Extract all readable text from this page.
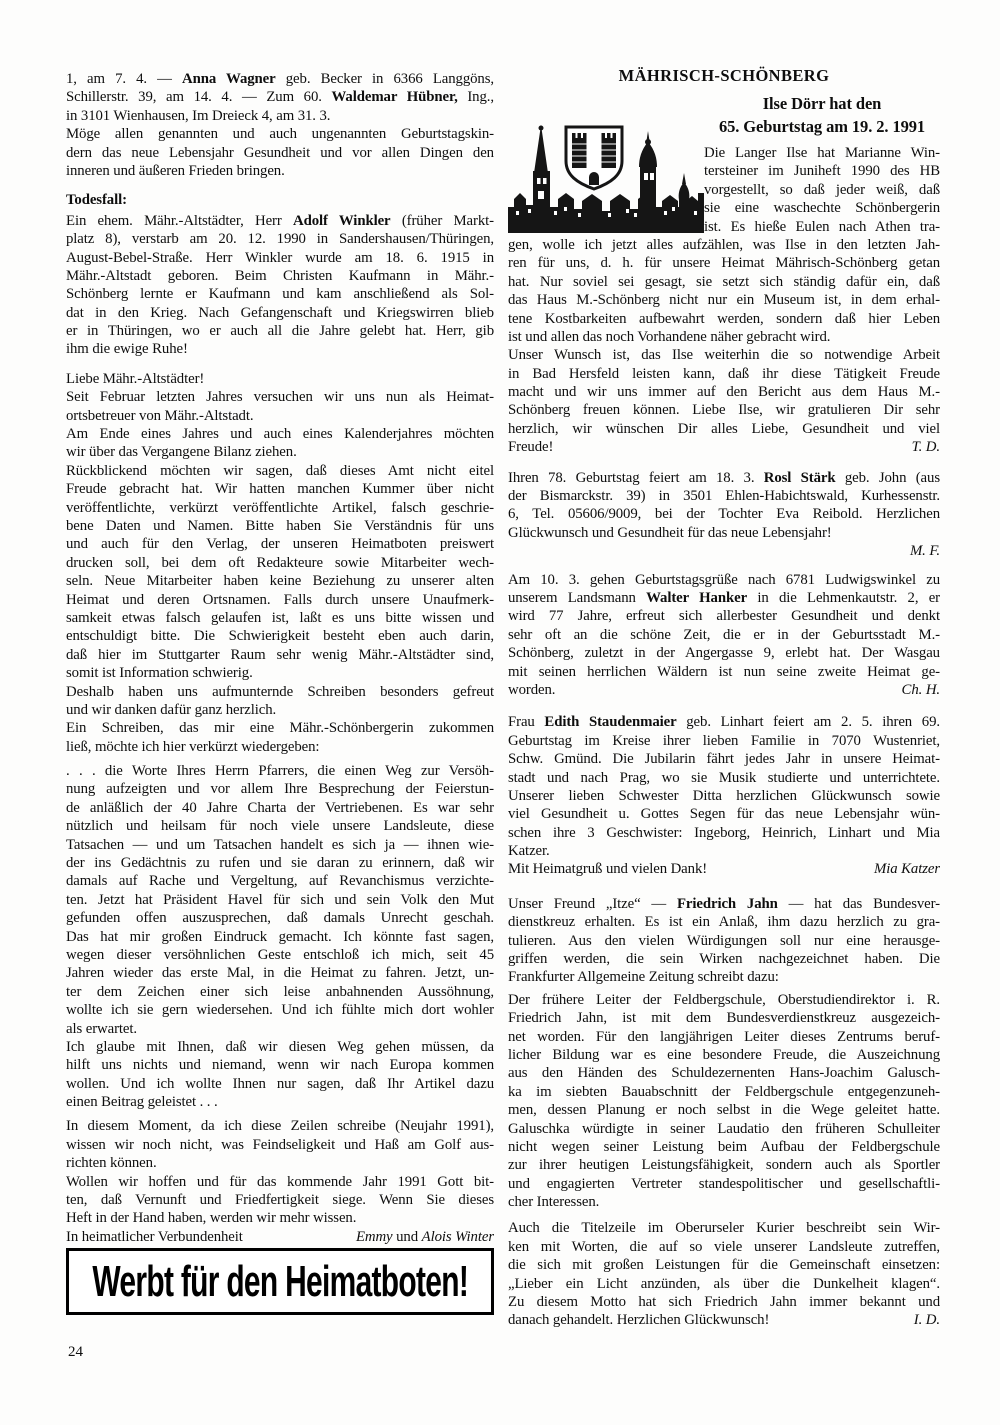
1, am 7. 4. — Anna Wagner geb. Becker in 6366 Langgöns,
Schillerstr. 39, am 14. 4. — Zum 60. Waldemar Hübner, Ing.,
in 3101 Wienhausen, Im Dreieck 4, am 31. 3.
Möge allen genannten und auch ungenannten Geburtstagskin-
dern das neue Lebensjahr Gesundheit und vor allen Dingen den
inneren und äußeren Frieden bringen.
Todesfall:
Ein ehem. Mähr.-Altstädter, Herr Adolf Winkler (früher Markt-
platz 8), verstarb am 20. 12. 1990 in Sandershausen/Thüringen,
August-Bebel-Straße. Herr Winkler wurde am 18. 6. 1915 in
Mähr.-Altstadt geboren. Beim Christen Kaufmann in Mähr.-
Schönberg lernte er Kaufmann und kam anschließend als Sol-
dat in den Krieg. Nach Gefangenschaft und Kriegswirren blieb
er in Thüringen, wo er auch all die Jahre gelebt hat. Herr, gib
ihm die ewige Ruhe!
Liebe Mähr.-Altstädter!
Seit Februar letzten Jahres versuchen wir uns nun als Heimat-
ortsbetreuer von Mähr.-Altstadt.
Am Ende eines Jahres und auch eines Kalenderjahres möchten
wir über das Vergangene Bilanz ziehen.
Rückblickend möchten wir sagen, daß dieses Amt nicht eitel
Freude gebracht hat. Wir hatten manchen Kummer über nicht
veröffentlichte, verkürzt veröffentlichte Artikel, falsch geschrie-
bene Daten und Namen. Bitte haben Sie Verständnis für uns
und auch für den Verlag, der unseren Heimatboten preiswert
drucken soll, bei dem oft Redakteure sowie Mitarbeiter wech-
seln. Neue Mitarbeiter haben keine Beziehung zu unserer alten
Heimat und deren Ortsnamen. Falls durch unsere Unaufmerk-
samkeit etwas falsch gelaufen ist, laßt es uns bitte wissen und
entschuldigt bitte. Die Schwierigkeit besteht eben auch darin,
daß hier im Stuttgarter Raum sehr wenig Mähr.-Altstädter sind,
somit ist Information schwierig.
Deshalb haben uns aufmunternde Schreiben besonders gefreut
und wir danken dafür ganz herzlich.
Ein Schreiben, das mir eine Mähr.-Schönbergerin zukommen
ließ, möchte ich hier verkürzt wiedergeben:
. . . die Worte Ihres Herrn Pfarrers, die einen Weg zur Versöh-
nung aufzeigten und vor allem Ihre Besprechung der Feierstun-
de anläßlich der 40 Jahre Charta der Vertriebenen. Es war sehr
nützlich und heilsam für noch viele unsere Landsleute, diese
Tatsachen — und um Tatsachen handelt es sich ja — ihnen wie-
der ins Gedächtnis zu rufen und sie daran zu erinnern, daß wir
damals auf Rache und Vergeltung, auf Revanchismus verzichte-
ten. Jetzt hat Präsident Havel für sich und sein Volk den Mut
gefunden offen auszusprechen, daß damals Unrecht geschah.
Das hat mir großen Eindruck gemacht. Ich könnte fast sagen,
wegen dieser versöhnlichen Geste entschloß ich mich, seit 45
Jahren wieder das erste Mal, in die Heimat zu fahren. Jetzt, un-
ter dem Zeichen einer sich leise anbahnenden Aussöhnung,
wollte ich sie gern wiedersehen. Und ich fühlte mich dort wohler
als erwartet.
Ich glaube mit Ihnen, daß wir diesen Weg gehen müssen, da
hilft uns nichts und niemand, wenn wir nach Europa kommen
wollen. Und ich wollte Ihnen nur sagen, daß Ihr Artikel dazu
einen Beitrag geleistet . . .
In diesem Moment, da ich diese Zeilen schreibe (Neujahr 1991),
wissen wir noch nicht, was Feindseligkeit und Haß am Golf aus-
richten können.
Wollen wir hoffen und für das kommende Jahr 1991 Gott bit-
ten, daß Vernunft und Friedfertigkeit siege. Wenn Sie dieses
Heft in der Hand haben, werden wir mehr wissen.
In heimatlicher Verbundenheit	Emmy und Alois Winter
MÄHRISCH-SCHÖNBERG
Ilse Dörr hat den
65. Geburtstag am 19. 2. 1991
Die Langer Ilse hat Marianne Win-
tersteiner im Juniheft 1990 des HB
vorgestellt, so daß jeder weiß, daß
sie eine waschechte Schönbergerin
ist. Es hieße Eulen nach Athen tra-
gen, wolle ich jetzt alles aufzählen, was Ilse in den letzten Jah-
ren für uns, d. h. für unsere Heimat Mährisch-Schönberg getan
hat. Nur soviel sei gesagt, sie setzt sich ständig dafür ein, daß
das Haus M.-Schönberg nicht nur ein Museum ist, in dem erhal-
tene Kostbarkeiten aufbewahrt werden, sondern daß hier Leben
ist und allen das noch Vorhandene näher gebracht wird.
Unser Wunsch ist, das Ilse weiterhin die so notwendige Arbeit
in Bad Hersfeld leisten kann, daß ihr diese Tätigkeit Freude
macht und wir uns immer auf den Bericht aus dem Haus M.-
Schönberg freuen können. Liebe Ilse, wir gratulieren Dir sehr
herzlich, wir wünschen Dir alles Liebe, Gesundheit und viel
Freude!	T. D.
Ihren 78. Geburtstag feiert am 18. 3. Rosl Stärk geb. John (aus
der Bismarckstr. 39) in 3501 Ehlen-Habichtswald, Kurhessenstr.
6, Tel. 05606/9009, bei der Tochter Eva Reibold. Herzlichen
Glückwunsch und Gesundheit für das neue Lebensjahr!
M. F.
Am 10. 3. gehen Geburtstagsgrüße nach 6781 Ludwigswinkel zu
unserem Landsmann Walter Hanker in die Lehmenkautstr. 2, er
wird 77 Jahre, erfreut sich allerbester Gesundheit und denkt
sehr oft an die schöne Zeit, die er in der Geburtsstadt M.-
Schönberg, zuletzt in der Angergasse 9, erlebt hat. Der Wasgau
mit seinen herrlichen Wäldern ist nun seine zweite Heimat ge-
worden.	Ch. H.
Frau Edith Staudenmaier geb. Linhart feiert am 2. 5. ihren 69.
Geburtstag im Kreise ihrer lieben Familie in 7070 Wustenriet,
Schw. Gmünd. Die Jubilarin fährt jedes Jahr in unsere Heimat-
stadt und nach Prag, wo sie Musik studierte und unterrichtete.
Unserer lieben Schwester Ditta herzlichen Glückwunsch sowie
viel Gesundheit u. Gottes Segen für das neue Lebensjahr wün-
schen ihre 3 Geschwister: Ingeborg, Heinrich, Linhart und Mia
Katzer.
Mit Heimatgruß und vielen Dank!	Mia Katzer
Unser Freund „Itze“ — Friedrich Jahn — hat das Bundesver-
dienstkreuz erhalten. Es ist ein Anlaß, ihm dazu herzlich zu gra-
tulieren. Aus den vielen Würdigungen soll nur eine herausge-
griffen werden, die sein Wirken nachgezeichnet haben. Die
Frankfurter Allgemeine Zeitung schreibt dazu:
Der frühere Leiter der Feldbergschule, Oberstudiendirektor i. R.
Friedrich Jahn, ist mit dem Bundesverdienstkreuz ausgezeich-
net worden. Für den langjährigen Leiter dieses Zentrums beruf-
licher Bildung war es eine besondere Freude, die Auszeichnung
aus den Händen des Schuldezernenten Hans-Joachim Galusch-
ka im siebten Bauabschnitt der Feldbergschule entgegenzuneh-
men, dessen Planung er noch selbst in die Wege geleitet hatte.
Galuschka würdigte in seiner Laudatio den früheren Schulleiter
nicht wegen seiner Leistung beim Aufbau der Feldbergschule
zur ihrer heutigen Leistungsfähigkeit, sondern auch als Sportler
und engagierten Vertreter standespolitischer und gesellschaftli-
cher Interessen.
Auch die Titelzeile im Oberurseler Kurier beschreibt sein Wir-
ken mit Worten, die auf so viele unserer Landsleute zutreffen,
die sich mit großen Leistungen für die Gemeinschaft einsetzen:
„Lieber ein Licht anzünden, als über die Dunkelheit klagen“.
Zu diesem Motto hat sich Friedrich Jahn immer bekannt und
danach gehandelt. Herzlichen Glückwunsch!	I. D.
Werbt für den Heimatboten!
24
